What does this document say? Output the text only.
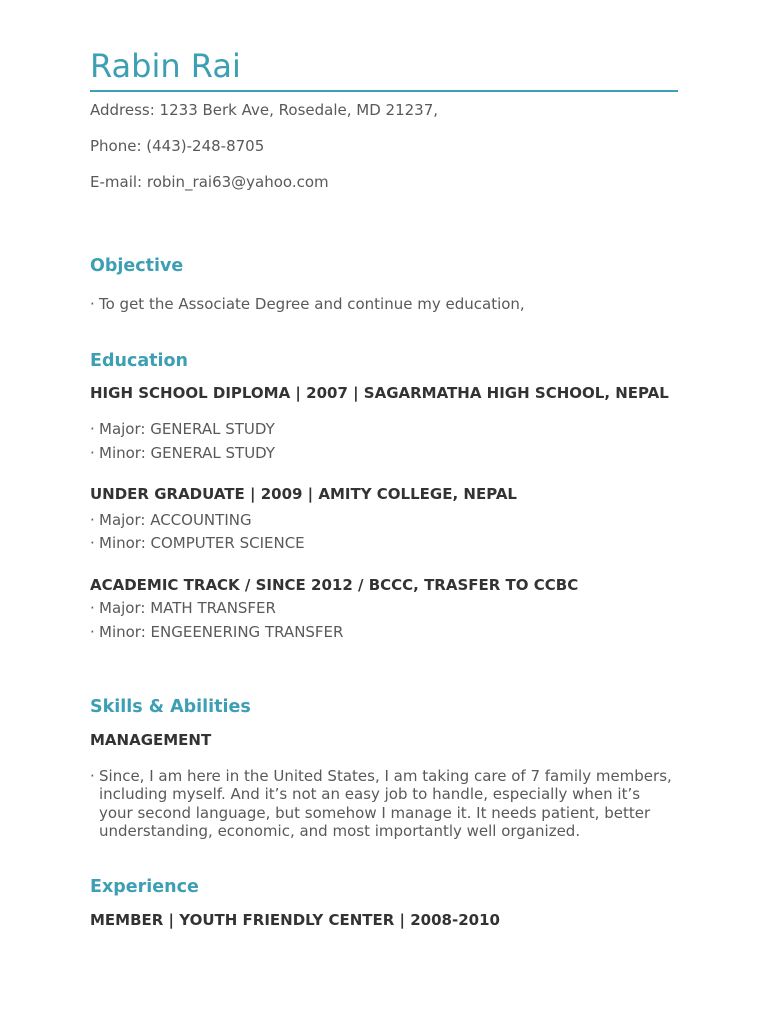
Rabin Rai
Address: 1233 Berk Ave, Rosedale, MD 21237,
Phone: (443)-248-8705
E-mail: robin_rai63@yahoo.com
Objective
· To get the Associate Degree and continue my education,
Education
HIGH SCHOOL DIPLOMA | 2007 | SAGARMATHA HIGH SCHOOL, NEPAL
· Major: GENERAL STUDY
· Minor: GENERAL STUDY
UNDER GRADUATE | 2009 | AMITY COLLEGE, NEPAL
· Major: ACCOUNTING
· Minor: COMPUTER SCIENCE
ACADEMIC TRACK / SINCE 2012 / BCCC, TRASFER TO CCBC
· Major: MATH TRANSFER
· Minor: ENGEENERING TRANSFER
Skills & Abilities
MANAGEMENT
· Since, I am here in the United States, I am taking care of 7 family members,
including myself. And it’s not an easy job to handle, especially when it’s
your second language, but somehow I manage it. It needs patient, better
understanding, economic, and most importantly well organized.
Experience
MEMBER | YOUTH FRIENDLY CENTER | 2008-2010
